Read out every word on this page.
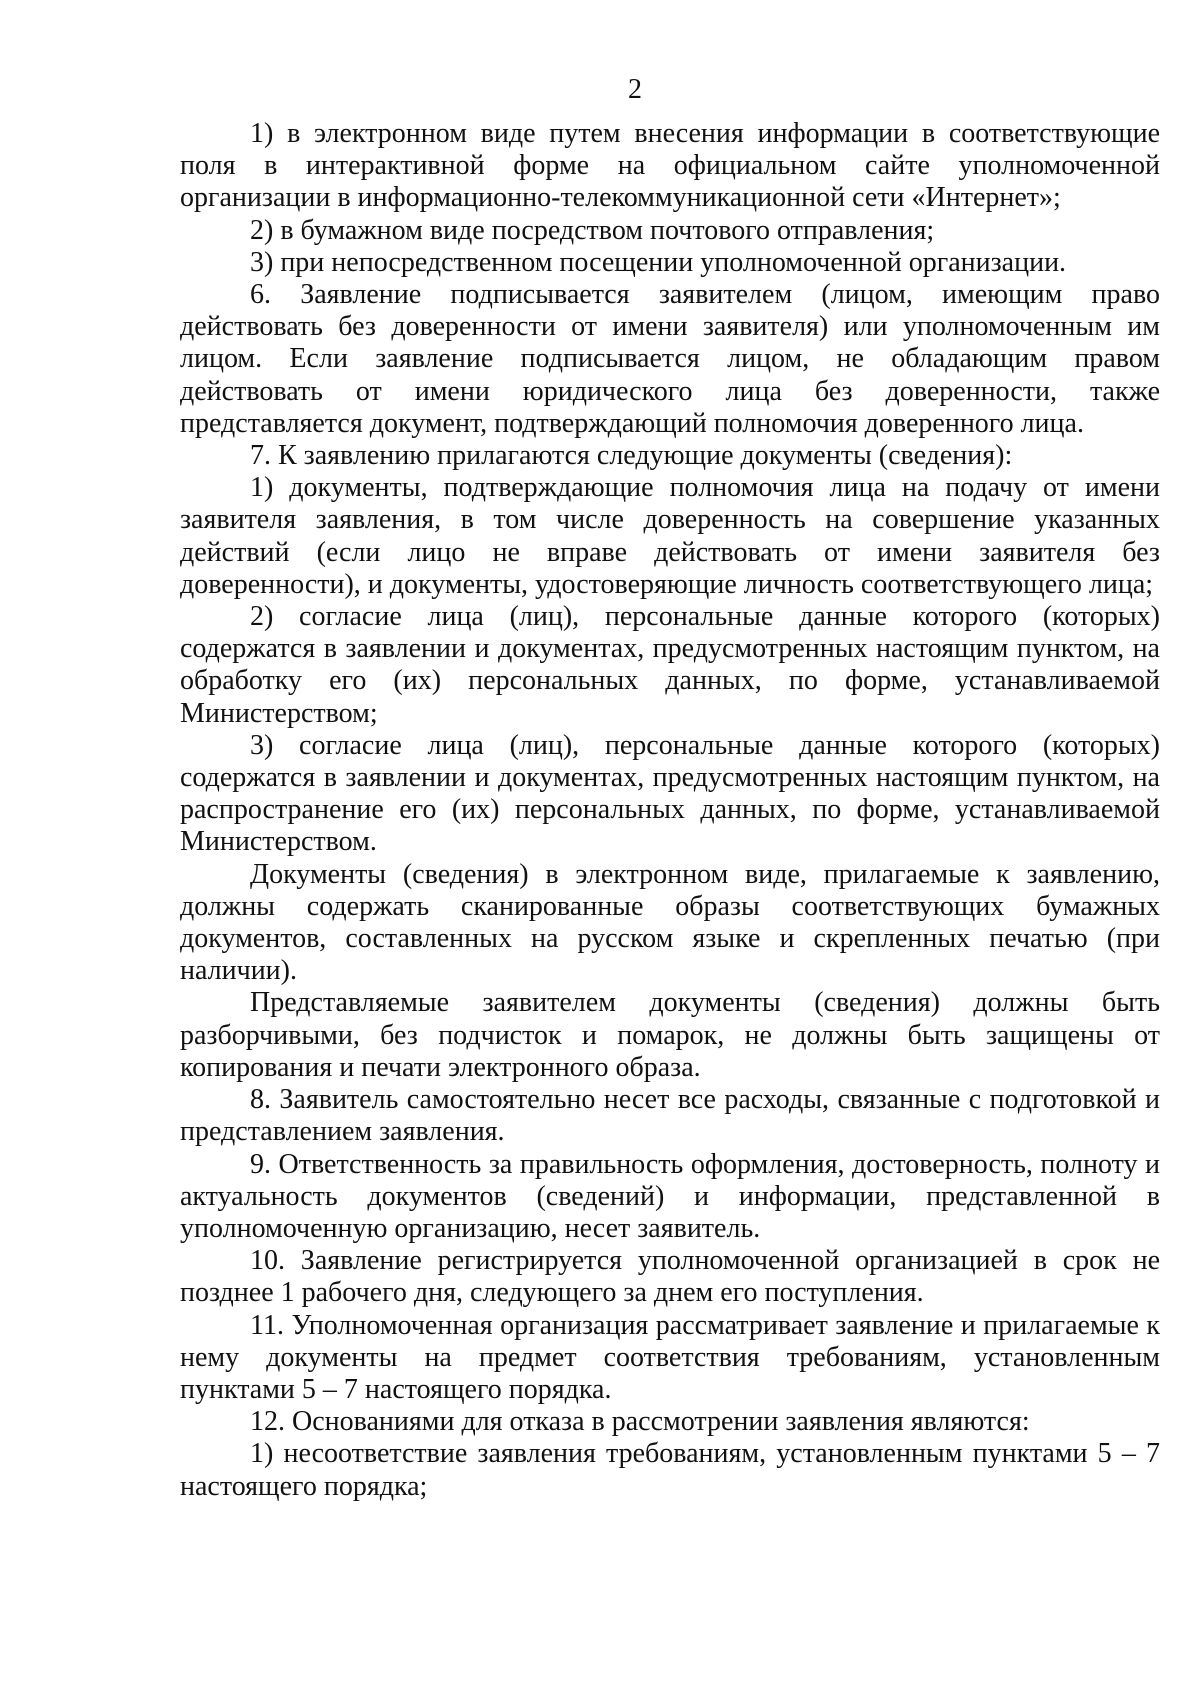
2

1) в электронном виде путем внесения информации в соответствующие поля в интерактивной форме на официальном сайте уполномоченной организации в информационно-телекоммуникационной сети «Интернет»;

2) в бумажном виде посредством почтового отправления;

3) при непосредственном посещении уполномоченной организации.

6. Заявление подписывается заявителем (лицом, имеющим право действовать без доверенности от имени заявителя) или уполномоченным им лицом. Если заявление подписывается лицом, не обладающим правом действовать от имени юридического лица без доверенности, также представляется документ, подтверждающий полномочия доверенного лица.

7. К заявлению прилагаются следующие документы (сведения):

1) документы, подтверждающие полномочия лица на подачу от имени заявителя заявления, в том числе доверенность на совершение указанных действий (если лицо не вправе действовать от имени заявителя без доверенности), и документы, удостоверяющие личность соответствующего лица;

2) согласие лица (лиц), персональные данные которого (которых) содержатся в заявлении и документах, предусмотренных настоящим пунктом, на обработку его (их) персональных данных, по форме, устанавливаемой Министерством;

3) согласие лица (лиц), персональные данные которого (которых) содержатся в заявлении и документах, предусмотренных настоящим пунктом, на распространение его (их) персональных данных, по форме, устанавливаемой Министерством.

Документы (сведения) в электронном виде, прилагаемые к заявлению, должны содержать сканированные образы соответствующих бумажных документов, составленных на русском языке и скрепленных печатью (при наличии).

Представляемые заявителем документы (сведения) должны быть разборчивыми, без подчисток и помарок, не должны быть защищены от копирования и печати электронного образа.

8. Заявитель самостоятельно несет все расходы, связанные с подготовкой и представлением заявления.

9. Ответственность за правильность оформления, достоверность, полноту и актуальность документов (сведений) и информации, представленной в уполномоченную организацию, несет заявитель.

10. Заявление регистрируется уполномоченной организацией в срок не позднее 1 рабочего дня, следующего за днем его поступления.

11. Уполномоченная организация рассматривает заявление и прилагаемые к нему документы на предмет соответствия требованиям, установленным пунктами 5 – 7 настоящего порядка.

12. Основаниями для отказа в рассмотрении заявления являются:

1) несоответствие заявления требованиям, установленным пунктами 5 – 7 настоящего порядка;
